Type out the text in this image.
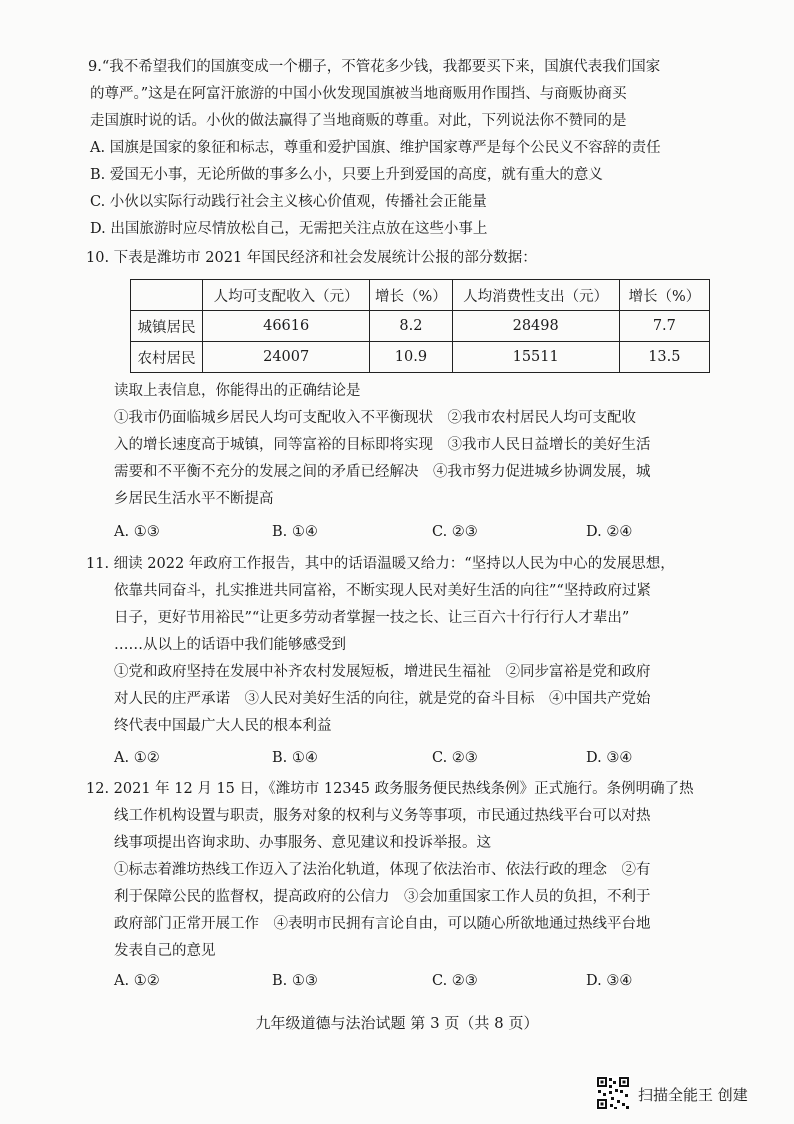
9.“我不希望我们的国旗变成一个棚子，不管花多少钱，我都要买下来，国旗代表我们国家
的尊严。”这是在阿富汗旅游的中国小伙发现国旗被当地商贩用作围挡、与商贩协商买
走国旗时说的话。小伙的做法赢得了当地商贩的尊重。对此，下列说法你不赞同的是
A. 国旗是国家的象征和标志，尊重和爱护国旗、维护国家尊严是每个公民义不容辞的责任
B. 爱国无小事，无论所做的事多么小，只要上升到爱国的高度，就有重大的意义
C. 小伙以实际行动践行社会主义核心价值观，传播社会正能量
D. 出国旅游时应尽情放松自己，无需把关注点放在这些小事上
10. 下表是潍坊市 2021 年国民经济和社会发展统计公报的部分数据：
	人均可支配收入（元）	增长（%）	人均消费性支出（元）	增长（%）
城镇居民	46616	8.2	28498	7.7
农村居民	24007	10.9	15511	13.5
读取上表信息，你能得出的正确结论是
①我市仍面临城乡居民人均可支配收入不平衡现状　②我市农村居民人均可支配收
入的增长速度高于城镇，同等富裕的目标即将实现　③我市人民日益增长的美好生活
需要和不平衡不充分的发展之间的矛盾已经解决　④我市努力促进城乡协调发展，城
乡居民生活水平不断提高
A. ①③	B. ①④	C. ②③	D. ②④
11. 细读 2022 年政府工作报告，其中的话语温暖又给力：“坚持以人民为中心的发展思想，
依靠共同奋斗，扎实推进共同富裕，不断实现人民对美好生活的向往”“坚持政府过紧
日子，更好节用裕民”“让更多劳动者掌握一技之长、让三百六十行行行人才辈出”
……从以上的话语中我们能够感受到
①党和政府坚持在发展中补齐农村发展短板，增进民生福祉　②同步富裕是党和政府
对人民的庄严承诺　③人民对美好生活的向往，就是党的奋斗目标　④中国共产党始
终代表中国最广大人民的根本利益
A. ①②	B. ①④	C. ②③	D. ③④
12. 2021 年 12 月 15 日，《潍坊市 12345 政务服务便民热线条例》正式施行。条例明确了热
线工作机构设置与职责，服务对象的权利与义务等事项，市民通过热线平台可以对热
线事项提出咨询求助、办事服务、意见建议和投诉举报。这
①标志着潍坊热线工作迈入了法治化轨道，体现了依法治市、依法行政的理念　②有
利于保障公民的监督权，提高政府的公信力　③会加重国家工作人员的负担，不利于
政府部门正常开展工作　④表明市民拥有言论自由，可以随心所欲地通过热线平台地
发表自己的意见
A. ①②	B. ①③	C. ②③	D. ③④
九年级道德与法治试题 第 3 页（共 8 页）
扫描全能王 创建
